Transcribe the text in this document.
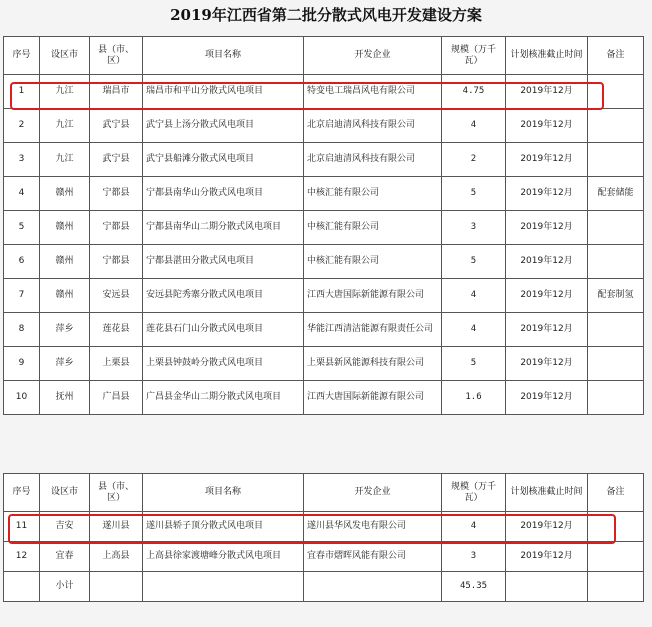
2019年江西省第二批分散式风电开发建设方案
序号	设区市	县（市、区）	项目名称	开发企业	规模（万千瓦）	计划核准截止时间	备注
1	九江	瑞昌市	瑞昌市和平山分散式风电项目	特变电工瑞昌风电有限公司	4.75	2019年12月	
2	九江	武宁县	武宁县上汤分散式风电项目	北京启迪清风科技有限公司	4	2019年12月	
3	九江	武宁县	武宁县船滩分散式风电项目	北京启迪清风科技有限公司	2	2019年12月	
4	赣州	宁都县	宁都县南华山分散式风电项目	中核汇能有限公司	5	2019年12月	配套储能
5	赣州	宁都县	宁都县南华山二期分散式风电项目	中核汇能有限公司	3	2019年12月	
6	赣州	宁都县	宁都县湛田分散式风电项目	中核汇能有限公司	5	2019年12月	
7	赣州	安远县	安远县陀秀寨分散式风电项目	江西大唐国际新能源有限公司	4	2019年12月	配套制氢
8	萍乡	莲花县	莲花县石门山分散式风电项目	华能江西清洁能源有限责任公司	4	2019年12月	
9	萍乡	上栗县	上栗县钟鼓岭分散式风电项目	上栗县新风能源科技有限公司	5	2019年12月	
10	抚州	广昌县	广昌县金华山二期分散式风电项目	江西大唐国际新能源有限公司	1.6	2019年12月	
序号	设区市	县（市、区）	项目名称	开发企业	规模（万千瓦）	计划核准截止时间	备注
11	吉安	遂川县	遂川县轿子顶分散式风电项目	遂川县华风发电有限公司	4	2019年12月	
12	宜春	上高县	上高县徐家渡塘峰分散式风电项目	宜春市熠晖风能有限公司	3	2019年12月	
	小计				45.35		
